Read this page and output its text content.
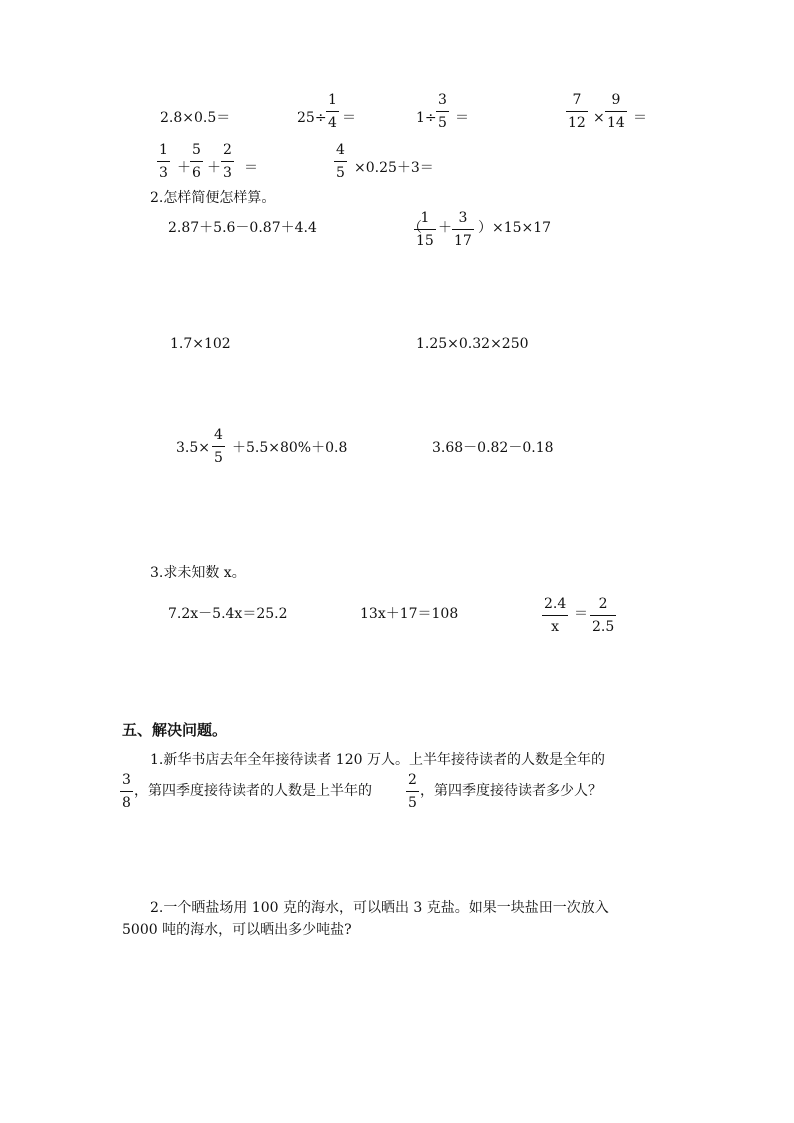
2.8×0.5＝	$25\div \frac{1}{4}$ ＝	$1\div \frac{3}{5}$ ＝	$\frac{7}{12} \times \frac{9}{14}$ ＝
$\frac{1}{3} + \frac{5}{6} + \frac{2}{3}$ ＝	$\frac{4}{5} \times 0.25+3=$
2.怎样简便怎样算。
2.87＋5.6－0.87＋4.4	（
$\frac{1}{15} + \frac{3}{17} )\times 15\times 17$
1.7×102	1.25×0.32×250
$3.5\times \frac{4}{5} +5.5\times 80\%+0.8$	3.68－0.82－0.18
3.求未知数 x。
7.2x－5.4x＝25.2	13x＋17＝108	$\frac{2.4}{x} = \frac{2}{2.5}$
五、解决问题。
1.新华书店去年全年接待读者 120 万人。上半年接待读者的人数是全年的
$\frac{3}{8}$ ，第四季度接待读者的人数是上半年的 $\frac{2}{5}$ ，第四季度接待读者多少人？
2.一个晒盐场用 100 克的海水，可以晒出 3 克盐。如果一块盐田一次放入
5000 吨的海水，可以晒出多少吨盐?
